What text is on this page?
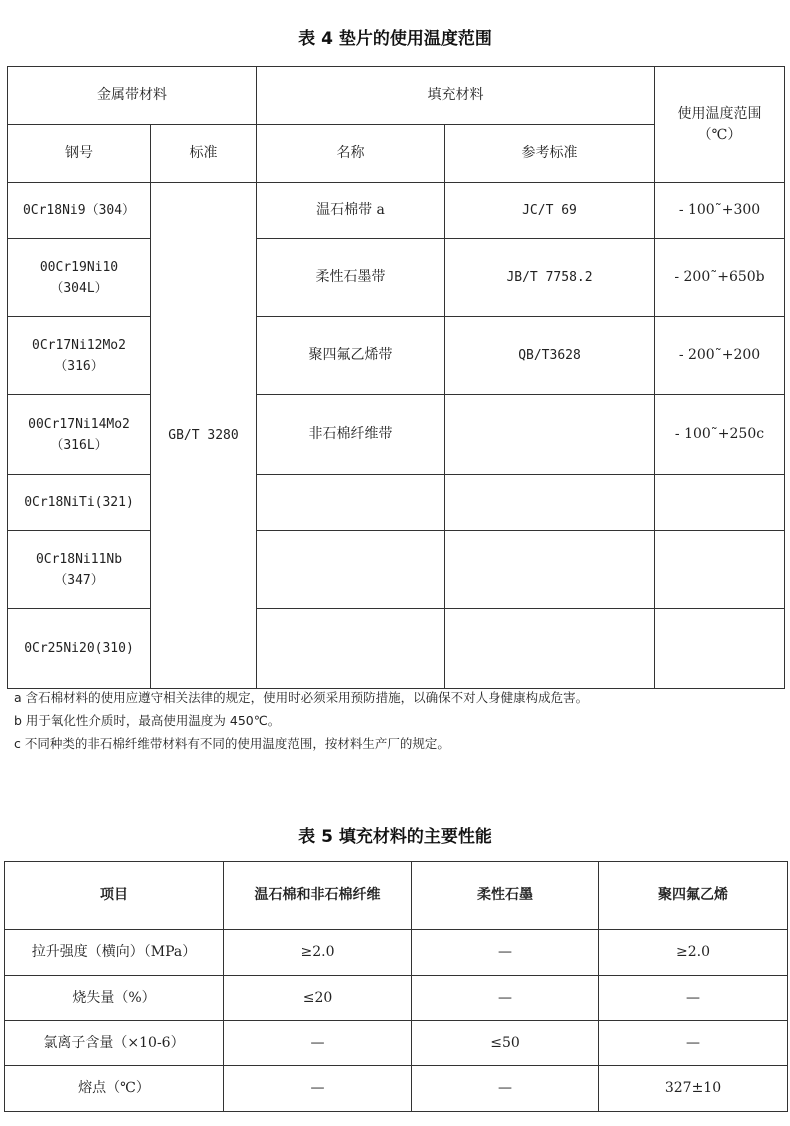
表 4 垫片的使用温度范围
金属带材料		填充材料		使用温度范围
（℃）

钢号	标准	名称	参考标准	

0Cr18Ni9（304）	GB/T 3280	温石棉带 a	JC/T 69	- 100˜+300

00Cr19Ni10
（304L）		柔性石墨带	JB/T 7758.2	- 200˜+650b

0Cr17Ni12Mo2
（316）		聚四氟乙烯带	QB/T3628	- 200˜+200

00Cr17Ni14Mo2
（316L）		非石棉纤维带		- 100˜+250c

0Cr18NiTi(321)				

0Cr18Ni11Nb
（347）				

0Cr25Ni20(310)				

a 含石棉材料的使用应遵守相关法律的规定，使用时必须采用预防措施，以确保不对人身健康构成危害。
b 用于氧化性介质时，最高使用温度为 450℃。
c 不同种类的非石棉纤维带材料有不同的使用温度范围，按材料生产厂的规定。
表 5 填充材料的主要性能
项目	温石棉和非石棉纤维	柔性石墨	聚四氟乙烯
拉升强度（横向）（MPa）	≥2.0	—	≥2.0
烧失量（%）	≤20	—	—
氯离子含量（×10-6）	—	≤50	—
熔点（℃）	—	—	327±10
